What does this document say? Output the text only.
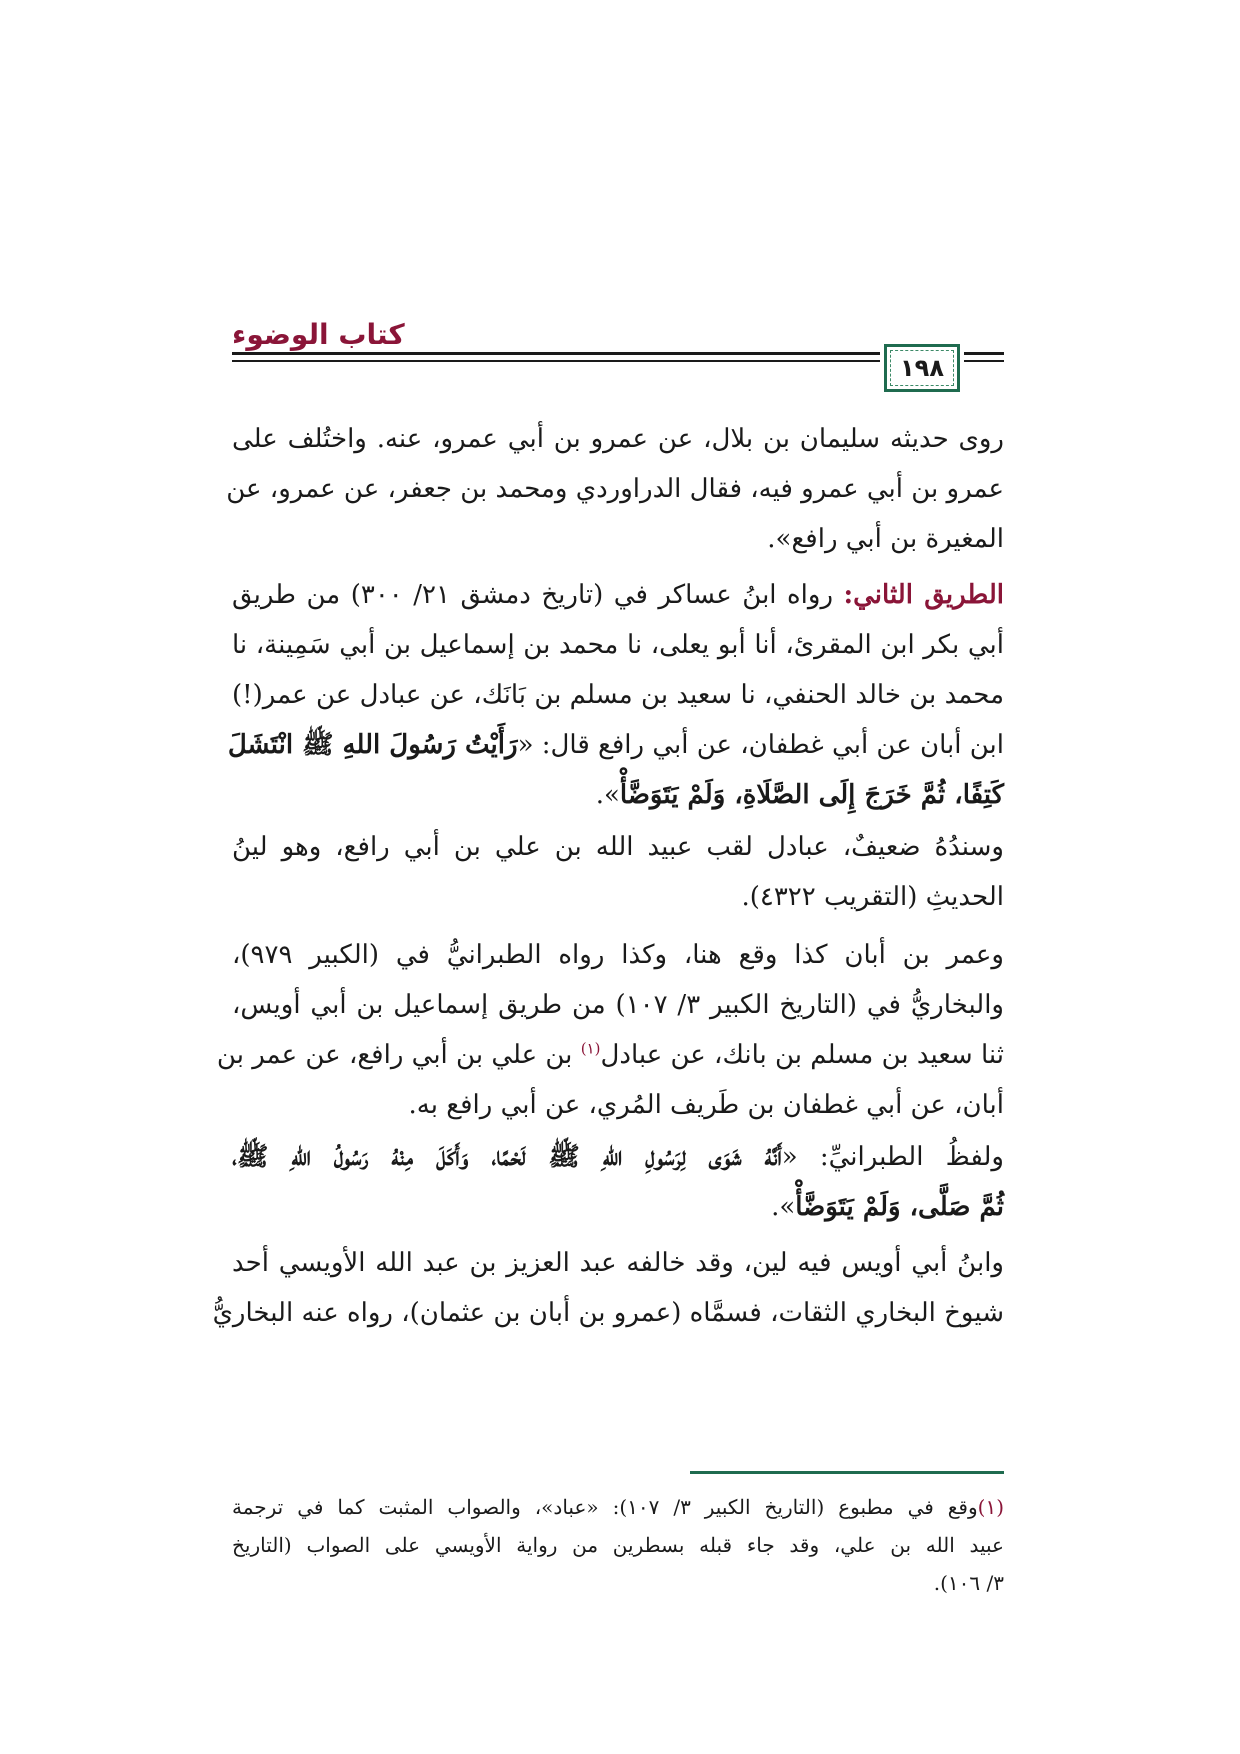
كتاب الوضوء
١٩٨
روى حديثه سليمان بن بلال، عن عمرو بن أبي عمرو، عنه. واختُلف على
عمرو بن أبي عمرو فيه، فقال الدراوردي ومحمد بن جعفر، عن عمرو، عن
المغيرة بن أبي رافع».
الطريق الثاني: رواه ابنُ عساكر في (تاريخ دمشق ٢١/ ٣٠٠) من طريق
أبي بكر ابن المقرئ، أنا أبو يعلى، نا محمد بن إسماعيل بن أبي سَمِينة، نا
محمد بن خالد الحنفي، نا سعيد بن مسلم بن بَانَك، عن عبادل عن عمر(!)
ابن أبان عن أبي غطفان، عن أبي رافع قال: «رَأَيْتُ رَسُولَ اللهِ ﷺ انْتَشَلَ
كَتِفًا، ثُمَّ خَرَجَ إِلَى الصَّلَاةِ، وَلَمْ يَتَوَضَّأْ».
وسندُهُ ضعيفٌ، عبادل لقب عبيد الله بن علي بن أبي رافع، وهو لينُ
الحديثِ (التقريب ٤٣٢٢).
وعمر بن أبان كذا وقع هنا، وكذا رواه الطبرانيُّ في (الكبير ٩٧٩)،
والبخاريُّ في (التاريخ الكبير ٣/ ١٠٧) من طريق إسماعيل بن أبي أويس،
ثنا سعيد بن مسلم بن بانك، عن عبادل$^{(١)}$ بن علي بن أبي رافع، عن عمر بن
أبان، عن أبي غطفان بن طَريف المُري، عن أبي رافع به.
ولفظُ الطبرانيِّ: «أَنَّهُ شَوَى لِرَسُولِ اللهِ ﷺ لَحْمًا، وَأَكَلَ مِنْهُ رَسُولُ اللهِ ﷺ،
ثُمَّ صَلَّى، وَلَمْ يَتَوَضَّأْ».
وابنُ أبي أويس فيه لين، وقد خالفه عبد العزيز بن عبد الله الأويسي أحد
شيوخ البخاري الثقات، فسمَّاه (عمرو بن أبان بن عثمان)، رواه عنه البخاريُّ
(١)وقع في مطبوع (التاريخ الكبير ٣/ ١٠٧): «عباد»، والصواب المثبت كما في ترجمة
عبيد الله بن علي، وقد جاء قبله بسطرين من رواية الأويسي على الصواب (التاريخ
٣/ ١٠٦).
